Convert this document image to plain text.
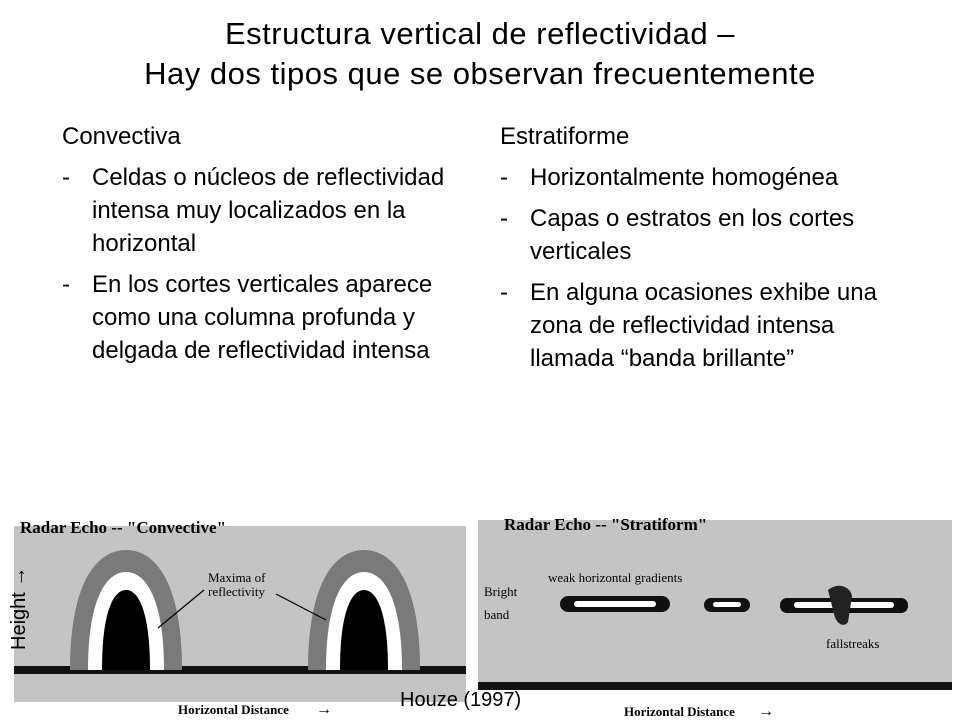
Estructura vertical de reflectividad –
Hay dos tipos que se observan frecuentemente
Convectiva
- Celdas o núcleos de reflectividad intensa muy localizados en la horizontal
- En los cortes verticales aparece como una columna profunda y delgada de reflectividad intensa
Estratiforme
- Horizontalmente homogénea
- Capas o estratos en los cortes verticales
- En alguna ocasiones exhibe una zona de reflectividad intensa llamada “banda brillante”
Radar Echo -- "Convective"
Maxima of
reflectivity
Horizontal Distance →
Radar Echo -- "Stratiform"
weak horizontal gradients
Bright
band
fallstreaks
Horizontal Distance →
Height →
Houze (1997)
